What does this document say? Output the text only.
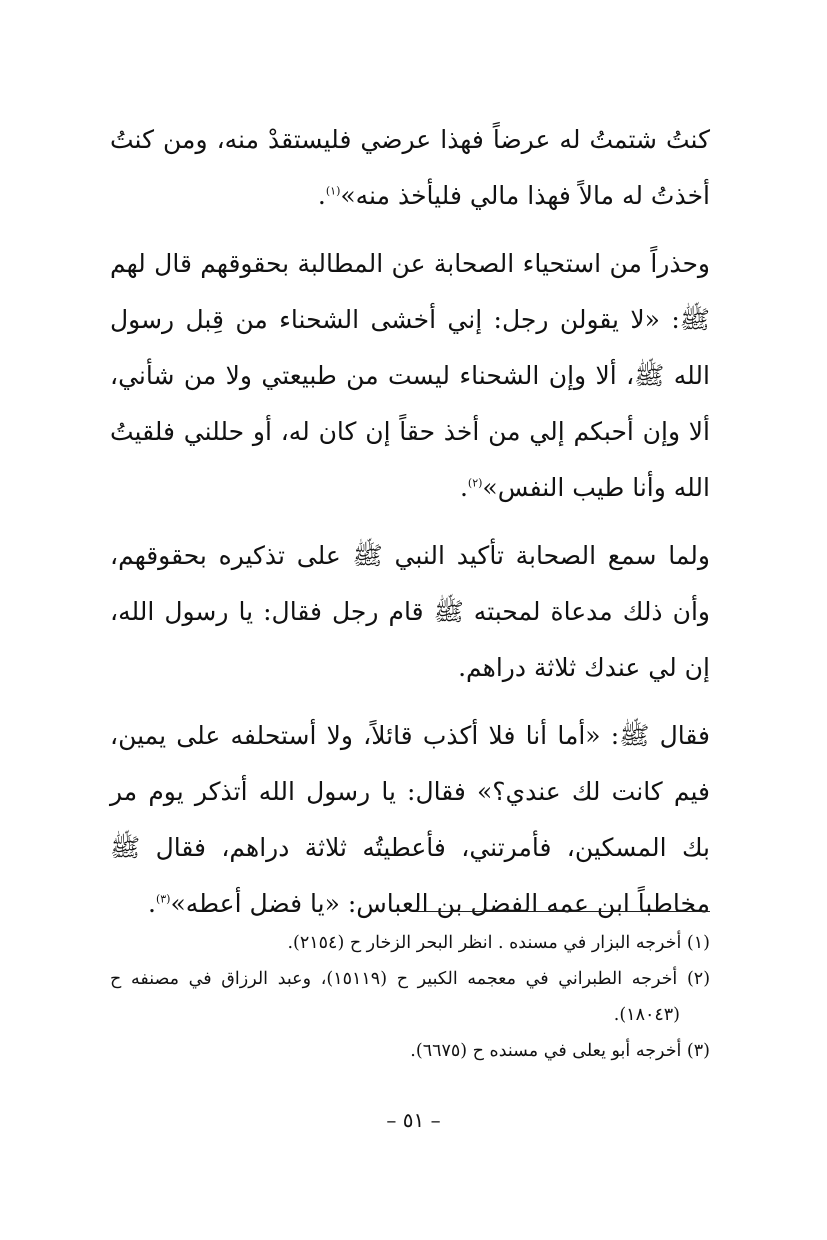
كنتُ شتمتُ له عرضاً فهذا عرضي فليستقدْ منه، ومن كنتُ أخذتُ له مالاً فهذا مالي فليأخذ منه»$^{(١)}$.

وحذراً من استحياء الصحابة عن المطالبة بحقوقهم قال لهم ﷺ: «لا يقولن رجل: إني أخشى الشحناء من قِبل رسول الله ﷺ، ألا وإن الشحناء ليست من طبيعتي ولا من شأني، ألا وإن أحبكم إلي من أخذ حقاً إن كان له، أو حللني فلقيتُ الله وأنا طيب النفس»$^{(٢)}$.

ولما سمع الصحابة تأكيد النبي ﷺ على تذكيره بحقوقهم، وأن ذلك مدعاة لمحبته ﷺ قام رجل فقال: يا رسول الله، إن لي عندك ثلاثة دراهم.

فقال ﷺ: «أما أنا فلا أكذب قائلاً، ولا أستحلفه على يمين، فيم كانت لك عندي؟» فقال: يا رسول الله أتذكر يوم مر بك المسكين، فأمرتني، فأعطيتُه ثلاثة دراهم، فقال ﷺ مخاطباً ابن عمه الفضل بن العباس: «يا فضل أعطه»$^{(٣)}$.

(١) أخرجه البزار في مسنده . انظر البحر الزخار ح (٢١٥٤).

(٢) أخرجه الطبراني في معجمه الكبير ح (١٥١١٩)، وعبد الرزاق في مصنفه ح (١٨٠٤٣).

(٣) أخرجه أبو يعلى في مسنده ح (٦٦٧٥).

– ٥١ –
